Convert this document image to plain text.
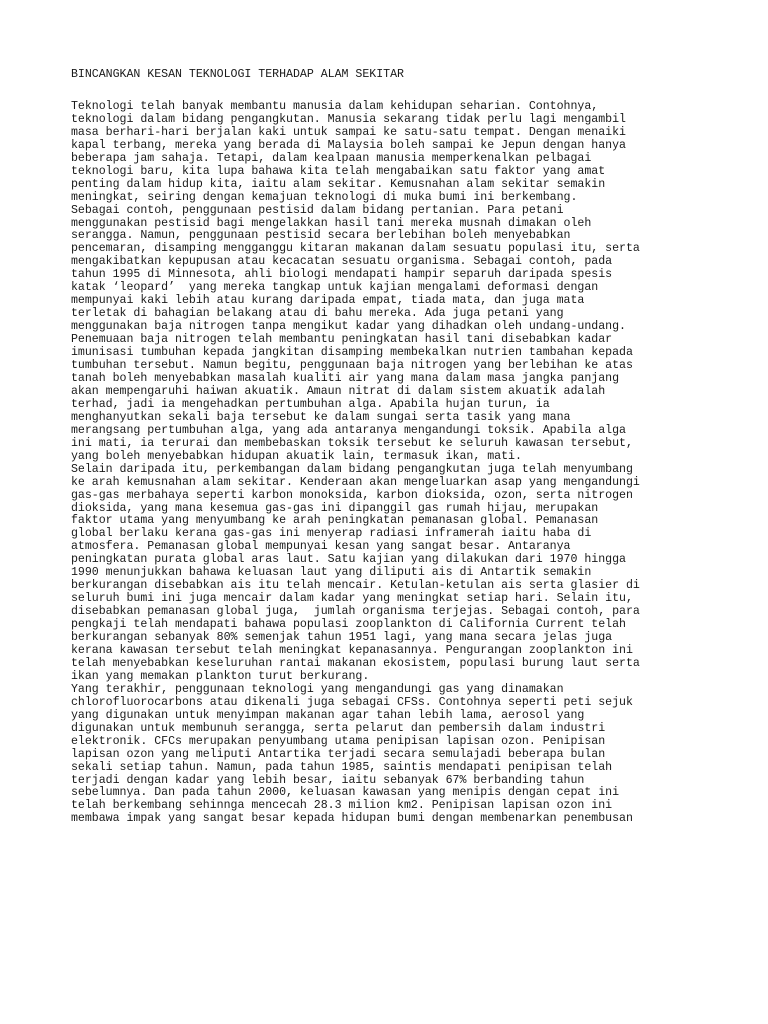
BINCANGKAN KESAN TEKNOLOGI TERHADAP ALAM SEKITAR
Teknologi telah banyak membantu manusia dalam kehidupan seharian. Contohnya,
teknologi dalam bidang pengangkutan. Manusia sekarang tidak perlu lagi mengambil
masa berhari-hari berjalan kaki untuk sampai ke satu-satu tempat. Dengan menaiki
kapal terbang, mereka yang berada di Malaysia boleh sampai ke Jepun dengan hanya
beberapa jam sahaja. Tetapi, dalam kealpaan manusia memperkenalkan pelbagai
teknologi baru, kita lupa bahawa kita telah mengabaikan satu faktor yang amat
penting dalam hidup kita, iaitu alam sekitar. Kemusnahan alam sekitar semakin
meningkat, seiring dengan kemajuan teknologi di muka bumi ini berkembang.
Sebagai contoh, penggunaan pestisid dalam bidang pertanian. Para petani
menggunakan pestisid bagi mengelakkan hasil tani mereka musnah dimakan oleh
serangga. Namun, penggunaan pestisid secara berlebihan boleh menyebabkan
pencemaran, disamping mengganggu kitaran makanan dalam sesuatu populasi itu, serta
mengakibatkan kepupusan atau kecacatan sesuatu organisma. Sebagai contoh, pada
tahun 1995 di Minnesota, ahli biologi mendapati hampir separuh daripada spesis
katak ‘leopard’  yang mereka tangkap untuk kajian mengalami deformasi dengan
mempunyai kaki lebih atau kurang daripada empat, tiada mata, dan juga mata
terletak di bahagian belakang atau di bahu mereka. Ada juga petani yang
menggunakan baja nitrogen tanpa mengikut kadar yang dihadkan oleh undang-undang.
Penemuaan baja nitrogen telah membantu peningkatan hasil tani disebabkan kadar
imunisasi tumbuhan kepada jangkitan disamping membekalkan nutrien tambahan kepada
tumbuhan tersebut. Namun begitu, penggunaan baja nitrogen yang berlebihan ke atas
tanah boleh menyebabkan masalah kualiti air yang mana dalam masa jangka panjang
akan mempengaruhi haiwan akuatik. Amaun nitrat di dalam sistem akuatik adalah
terhad, jadi ia mengehadkan pertumbuhan alga. Apabila hujan turun, ia
menghanyutkan sekali baja tersebut ke dalam sungai serta tasik yang mana
merangsang pertumbuhan alga, yang ada antaranya mengandungi toksik. Apabila alga
ini mati, ia terurai dan membebaskan toksik tersebut ke seluruh kawasan tersebut,
yang boleh menyebabkan hidupan akuatik lain, termasuk ikan, mati.
Selain daripada itu, perkembangan dalam bidang pengangkutan juga telah menyumbang
ke arah kemusnahan alam sekitar. Kenderaan akan mengeluarkan asap yang mengandungi
gas-gas merbahaya seperti karbon monoksida, karbon dioksida, ozon, serta nitrogen
dioksida, yang mana kesemua gas-gas ini dipanggil gas rumah hijau, merupakan
faktor utama yang menyumbang ke arah peningkatan pemanasan global. Pemanasan
global berlaku kerana gas-gas ini menyerap radiasi inframerah iaitu haba di
atmosfera. Pemanasan global mempunyai kesan yang sangat besar. Antaranya
peningkatan purata global aras laut. Satu kajian yang dilakukan dari 1970 hingga
1990 menunjukkan bahawa keluasan laut yang diliputi ais di Antartik semakin
berkurangan disebabkan ais itu telah mencair. Ketulan-ketulan ais serta glasier di
seluruh bumi ini juga mencair dalam kadar yang meningkat setiap hari. Selain itu,
disebabkan pemanasan global juga,  jumlah organisma terjejas. Sebagai contoh, para
pengkaji telah mendapati bahawa populasi zooplankton di California Current telah
berkurangan sebanyak 80% semenjak tahun 1951 lagi, yang mana secara jelas juga
kerana kawasan tersebut telah meningkat kepanasannya. Pengurangan zooplankton ini
telah menyebabkan keseluruhan rantai makanan ekosistem, populasi burung laut serta
ikan yang memakan plankton turut berkurang.
Yang terakhir, penggunaan teknologi yang mengandungi gas yang dinamakan
chlorofluorocarbons atau dikenali juga sebagai CFSs. Contohnya seperti peti sejuk
yang digunakan untuk menyimpan makanan agar tahan lebih lama, aerosol yang
digunakan untuk membunuh serangga, serta pelarut dan pembersih dalam industri
elektronik. CFCs merupakan penyumbang utama penipisan lapisan ozon. Penipisan
lapisan ozon yang meliputi Antartika terjadi secara semulajadi beberapa bulan
sekali setiap tahun. Namun, pada tahun 1985, saintis mendapati penipisan telah
terjadi dengan kadar yang lebih besar, iaitu sebanyak 67% berbanding tahun
sebelumnya. Dan pada tahun 2000, keluasan kawasan yang menipis dengan cepat ini
telah berkembang sehinnga mencecah 28.3 milion km2. Penipisan lapisan ozon ini
membawa impak yang sangat besar kepada hidupan bumi dengan membenarkan penembusan
